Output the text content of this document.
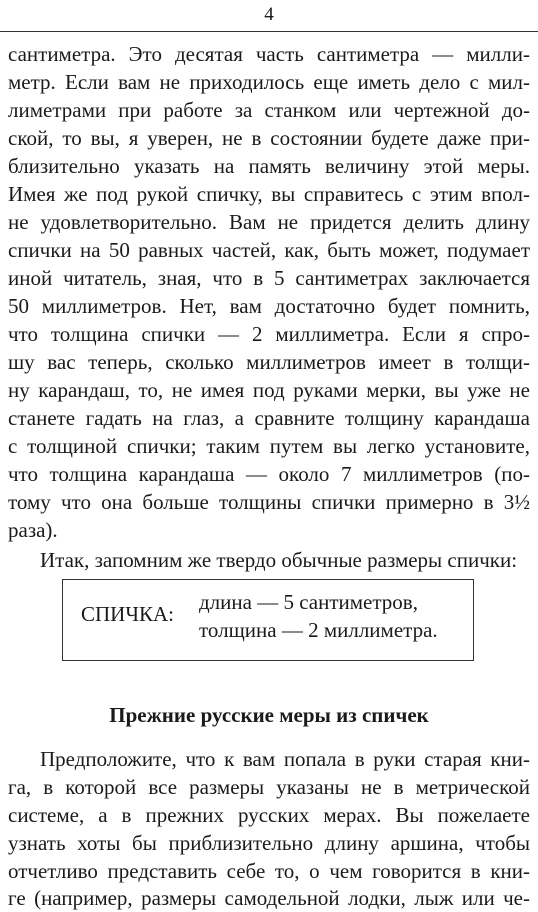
4
сантиметра. Это десятая часть сантиметра — милли-
метр. Если вам не приходилось еще иметь дело с мил-
лиметрами при работе за станком или чертежной до-
ской, то вы, я уверен, не в состоянии будете даже при-
близительно указать на память величину этой меры.
Имея же под рукой спичку, вы справитесь с этим впол-
не удовлетворительно. Вам не придется делить длину
спички на 50 равных частей, как, быть может, подумает
иной читатель, зная, что в 5 сантиметрах заключается
50 миллиметров. Нет, вам достаточно будет помнить,
что толщина спички — 2 миллиметра. Если я спро-
шу вас теперь, сколько миллиметров имеет в толщи-
ну карандаш, то, не имея под руками мерки, вы уже не
станете гадать на глаз, а сравните толщину карандаша
с толщиной спички; таким путем вы легко установите,
что толщина карандаша — около 7 миллиметров (по-
тому что она больше толщины спички примерно в 3½
раза).
Итак, запомним же твердо обычные размеры спички:
СПИЧКА: длина — 5 сантиметров,
толщина — 2 миллиметра.
Прежние русские меры из спичек
Предположите, что к вам попала в руки старая кни-
га, в которой все размеры указаны не в метрической
системе, а в прежних русских мерах. Вы пожелаете
узнать хоты бы приблизительно длину аршина, чтобы
отчетливо представить себе то, о чем говорится в кни-
ге (например, размеры самодельной лодки, лыж или че-
